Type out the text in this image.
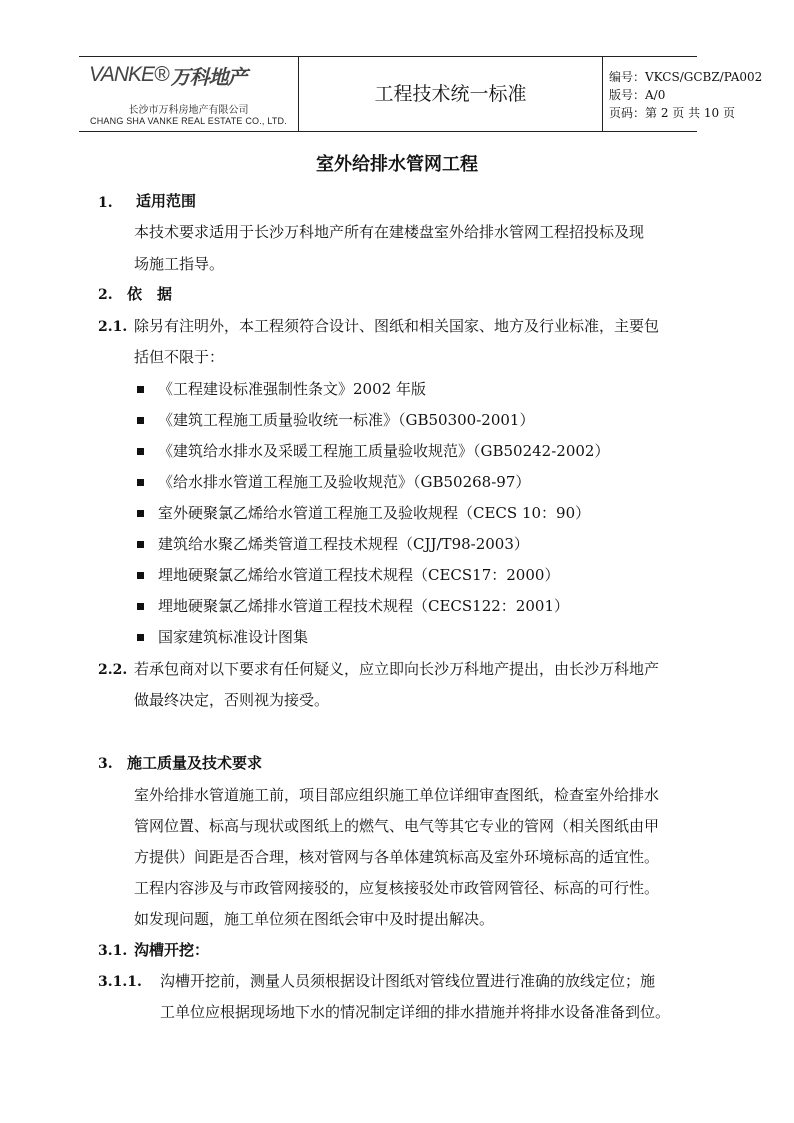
VANKE® 万科地产
长沙市万科房地产有限公司
CHANG SHA VANKE REAL ESTATE CO., LTD.
工程技术统一标准
编号：VKCS/GCBZ/PA002
版号：A/0
页码：第 2 页 共 10 页
室外给排水管网工程
1. 适用范围
本技术要求适用于长沙万科地产所有在建楼盘室外给排水管网工程招投标及现
场施工指导。
2. 依　据
2.1. 除另有注明外，本工程须符合设计、图纸和相关国家、地方及行业标准，主要包
括但不限于：
《工程建设标准强制性条文》2002 年版
《建筑工程施工质量验收统一标准》（GB50300-2001）
《建筑给水排水及采暖工程施工质量验收规范》（GB50242-2002）
《给水排水管道工程施工及验收规范》（GB50268-97）
室外硬聚氯乙烯给水管道工程施工及验收规程（CECS 10：90）
建筑给水聚乙烯类管道工程技术规程（CJJ/T98-2003）
埋地硬聚氯乙烯给水管道工程技术规程（CECS17：2000）
埋地硬聚氯乙烯排水管道工程技术规程（CECS122：2001）
国家建筑标准设计图集
2.2. 若承包商对以下要求有任何疑义，应立即向长沙万科地产提出，由长沙万科地产
做最终决定，否则视为接受。
3. 施工质量及技术要求
室外给排水管道施工前，项目部应组织施工单位详细审查图纸，检查室外给排水
管网位置、标高与现状或图纸上的燃气、电气等其它专业的管网（相关图纸由甲
方提供）间距是否合理，核对管网与各单体建筑标高及室外环境标高的适宜性。
工程内容涉及与市政管网接驳的，应复核接驳处市政管网管径、标高的可行性。
如发现问题，施工单位须在图纸会审中及时提出解决。
3.1. 沟槽开挖：
3.1.1. 沟槽开挖前，测量人员须根据设计图纸对管线位置进行准确的放线定位；施
工单位应根据现场地下水的情况制定详细的排水措施并将排水设备准备到位。
